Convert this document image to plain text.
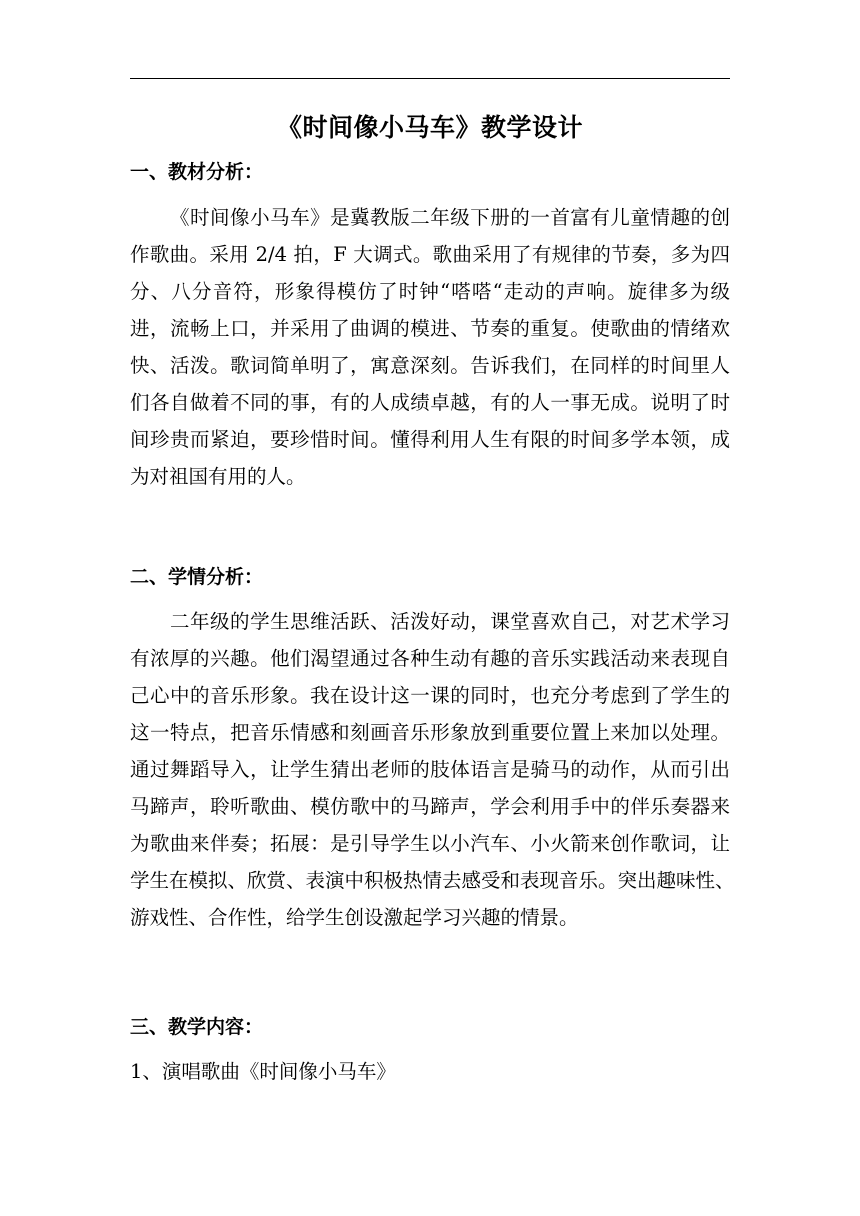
《时间像小马车》教学设计
一、教材分析：
《时间像小马车》是冀教版二年级下册的一首富有儿童情趣的创
作歌曲。采用 2/4 拍，F 大调式。歌曲采用了有规律的节奏，多为四
分、八分音符，形象得模仿了时钟“嗒嗒“走动的声响。旋律多为级
进，流畅上口，并采用了曲调的模进、节奏的重复。使歌曲的情绪欢
快、活泼。歌词简单明了，寓意深刻。告诉我们，在同样的时间里人
们各自做着不同的事，有的人成绩卓越，有的人一事无成。说明了时
间珍贵而紧迫，要珍惜时间。懂得利用人生有限的时间多学本领，成
为对祖国有用的人。
二、学情分析：
二年级的学生思维活跃、活泼好动，课堂喜欢自己，对艺术学习
有浓厚的兴趣。他们渴望通过各种生动有趣的音乐实践活动来表现自
己心中的音乐形象。我在设计这一课的同时，也充分考虑到了学生的
这一特点，把音乐情感和刻画音乐形象放到重要位置上来加以处理。
通过舞蹈导入，让学生猜出老师的肢体语言是骑马的动作，从而引出
马蹄声，聆听歌曲、模仿歌中的马蹄声，学会利用手中的伴乐奏器来
为歌曲来伴奏；拓展：是引导学生以小汽车、小火箭来创作歌词，让
学生在模拟、欣赏、表演中积极热情去感受和表现音乐。突出趣味性、
游戏性、合作性，给学生创设激起学习兴趣的情景。
三、教学内容：
1、演唱歌曲《时间像小马车》
